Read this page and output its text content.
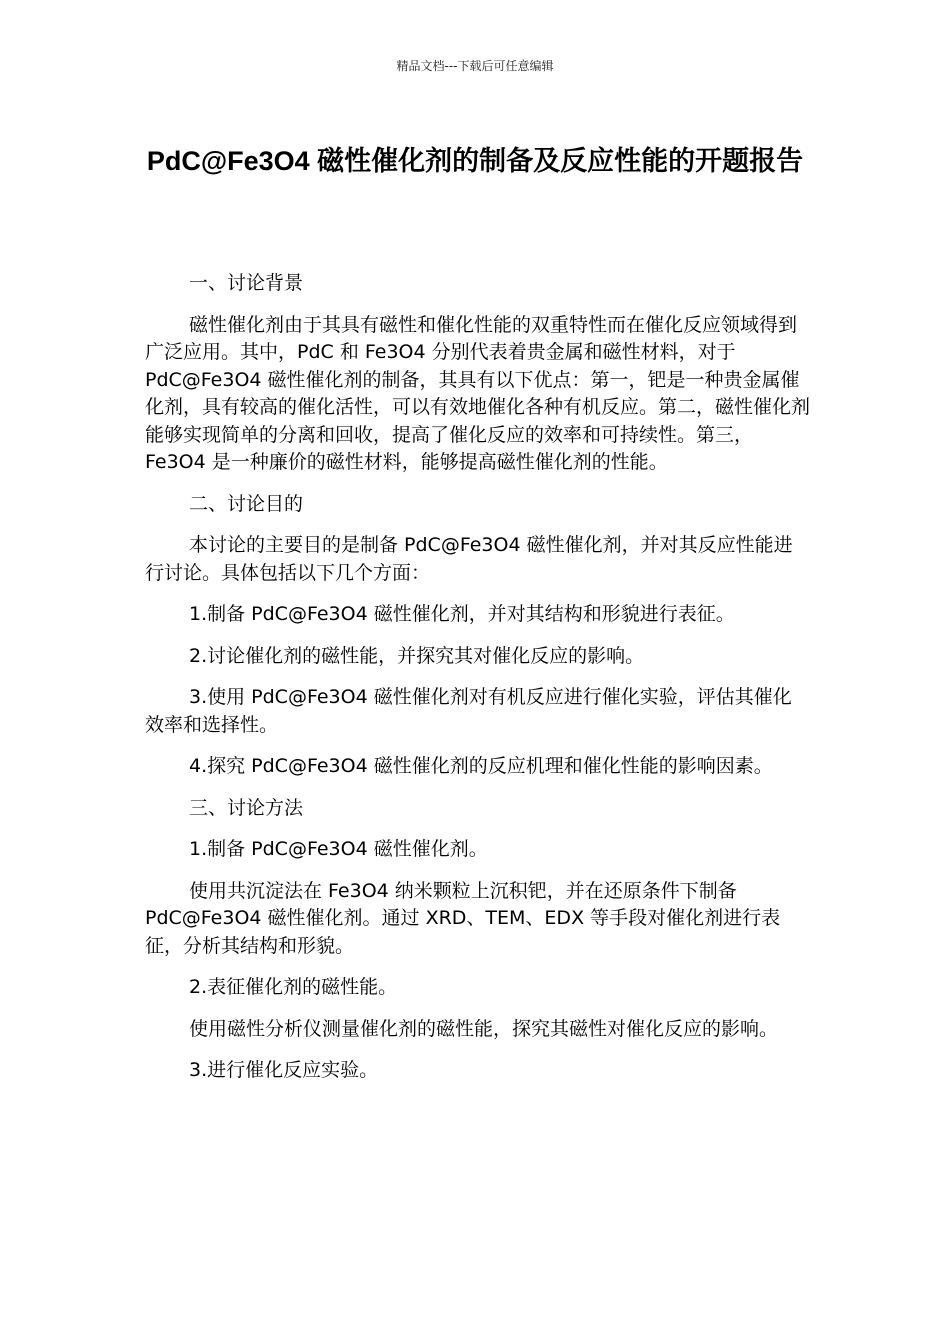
精品文档---下载后可任意编辑
PdC@Fe3O4 磁性催化剂的制备及反应性能的开题报告

一、讨论背景

磁性催化剂由于其具有磁性和催化性能的双重特性而在催化反应领域得到广泛应用。其中，PdC 和 Fe3O4 分别代表着贵金属和磁性材料，对于 PdC@Fe3O4 磁性催化剂的制备，其具有以下优点：第一，钯是一种贵金属催化剂，具有较高的催化活性，可以有效地催化各种有机反应。第二，磁性催化剂能够实现简单的分离和回收，提高了催化反应的效率和可持续性。第三，Fe3O4 是一种廉价的磁性材料，能够提高磁性催化剂的性能。

二、讨论目的

本讨论的主要目的是制备 PdC@Fe3O4 磁性催化剂，并对其反应性能进行讨论。具体包括以下几个方面：

1.制备 PdC@Fe3O4 磁性催化剂，并对其结构和形貌进行表征。

2.讨论催化剂的磁性能，并探究其对催化反应的影响。

3.使用 PdC@Fe3O4 磁性催化剂对有机反应进行催化实验，评估其催化效率和选择性。

4.探究 PdC@Fe3O4 磁性催化剂的反应机理和催化性能的影响因素。

三、讨论方法

1.制备 PdC@Fe3O4 磁性催化剂。

使用共沉淀法在 Fe3O4 纳米颗粒上沉积钯，并在还原条件下制备 PdC@Fe3O4 磁性催化剂。通过 XRD、TEM、EDX 等手段对催化剂进行表征，分析其结构和形貌。

2.表征催化剂的磁性能。

使用磁性分析仪测量催化剂的磁性能，探究其磁性对催化反应的影响。

3.进行催化反应实验。
